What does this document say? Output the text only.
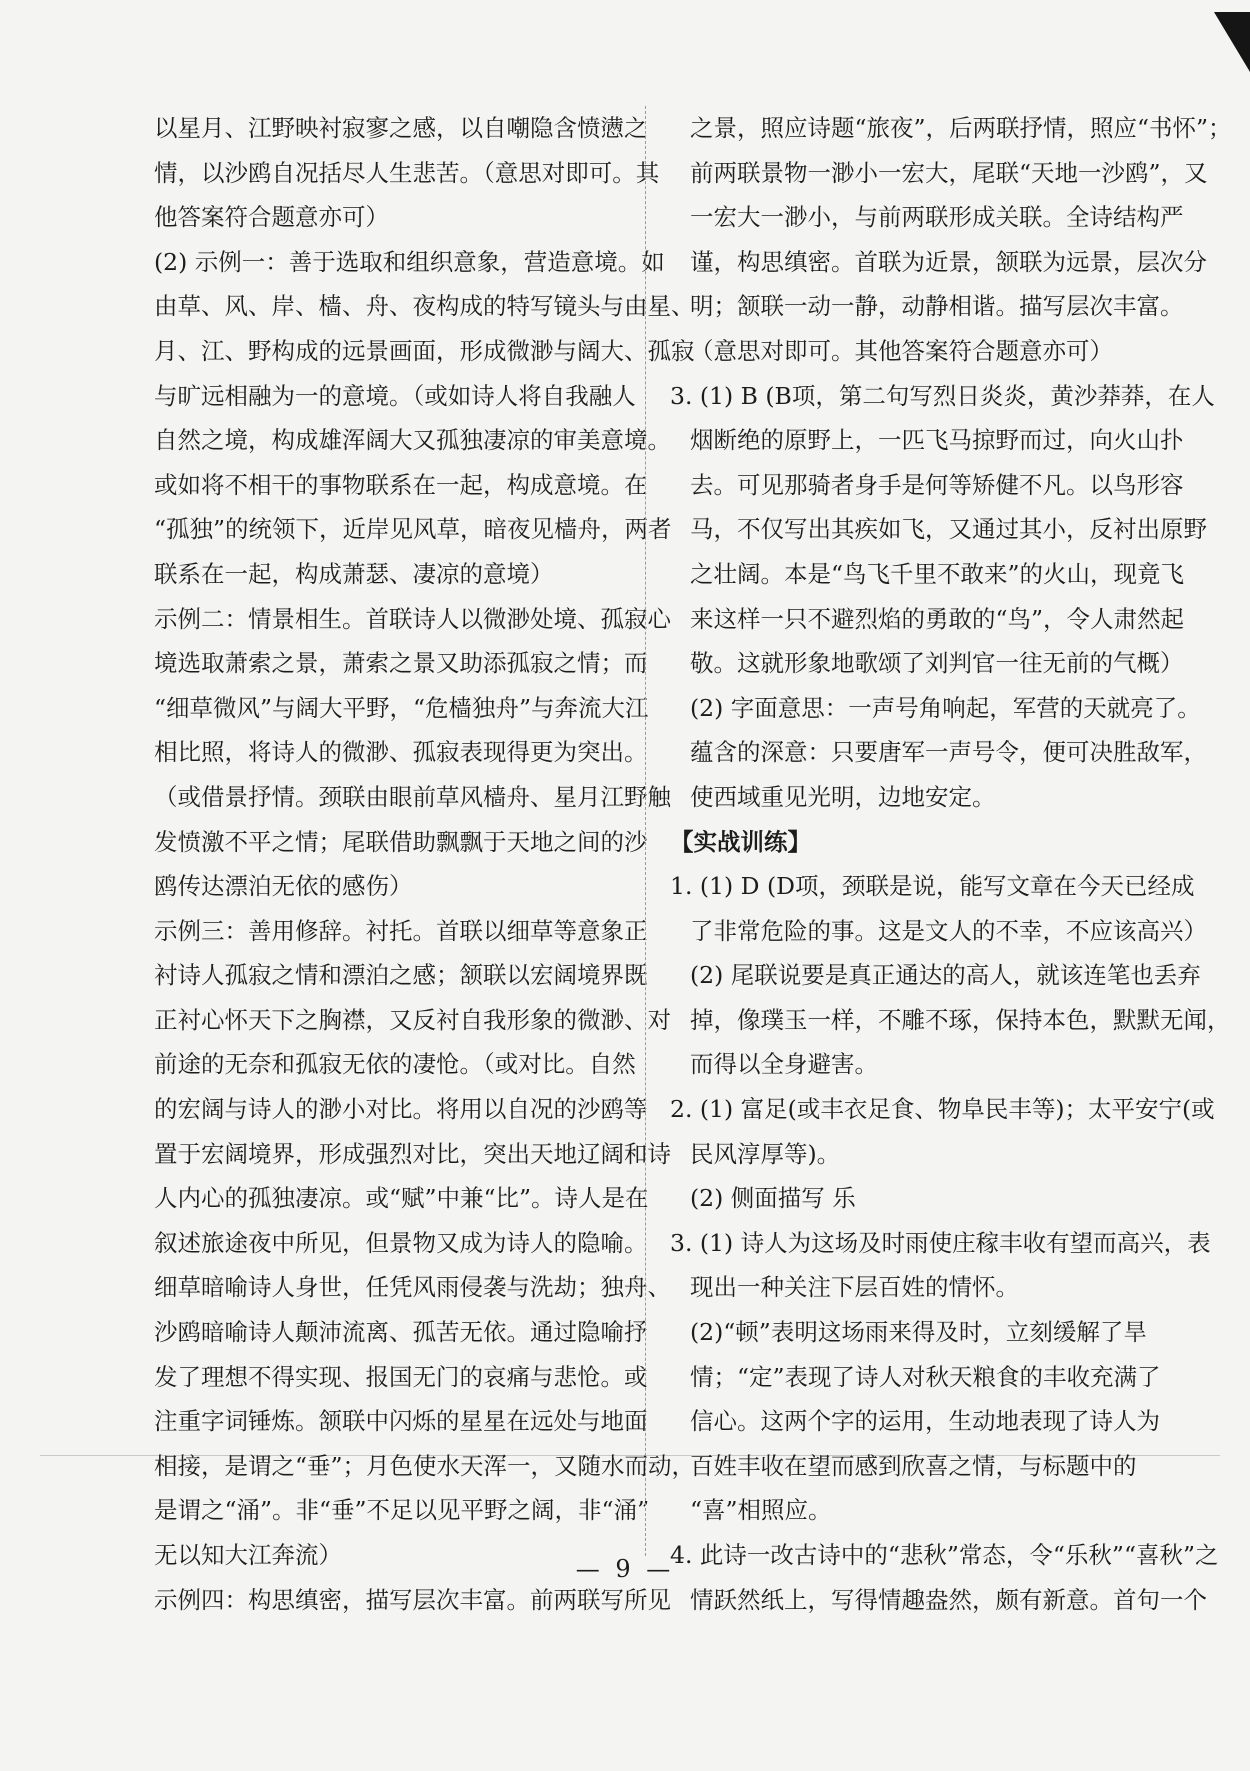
以星月、江野映衬寂寥之感，以自嘲隐含愤懑之
情，以沙鸥自况括尽人生悲苦。（意思对即可。其
他答案符合题意亦可）
(2) 示例一：善于选取和组织意象，营造意境。如
由草、风、岸、樯、舟、夜构成的特写镜头与由星、
月、江、野构成的远景画面，形成微渺与阔大、孤寂
与旷远相融为一的意境。（或如诗人将自我融人
自然之境，构成雄浑阔大又孤独凄凉的审美意境。
或如将不相干的事物联系在一起，构成意境。在
“孤独”的统领下，近岸见风草，暗夜见樯舟，两者
联系在一起，构成萧瑟、凄凉的意境）
示例二：情景相生。首联诗人以微渺处境、孤寂心
境选取萧索之景，萧索之景又助添孤寂之情；而
“细草微风”与阔大平野，“危樯独舟”与奔流大江
相比照，将诗人的微渺、孤寂表现得更为突出。
（或借景抒情。颈联由眼前草风樯舟、星月江野触
发愤激不平之情；尾联借助飘飘于天地之间的沙
鸥传达漂泊无依的感伤）
示例三：善用修辞。衬托。首联以细草等意象正
衬诗人孤寂之情和漂泊之感；颔联以宏阔境界既
正衬心怀天下之胸襟，又反衬自我形象的微渺、对
前途的无奈和孤寂无依的凄怆。（或对比。自然
的宏阔与诗人的渺小对比。将用以自况的沙鸥等
置于宏阔境界，形成强烈对比，突出天地辽阔和诗
人内心的孤独凄凉。或“赋”中兼“比”。诗人是在
叙述旅途夜中所见，但景物又成为诗人的隐喻。
细草暗喻诗人身世，任凭风雨侵袭与洗劫；独舟、
沙鸥暗喻诗人颠沛流离、孤苦无依。通过隐喻抒
发了理想不得实现、报国无门的哀痛与悲怆。或
注重字词锤炼。颔联中闪烁的星星在远处与地面
相接，是谓之“垂”；月色使水天浑一，又随水而动，
是谓之“涌”。非“垂”不足以见平野之阔，非“涌”
无以知大江奔流）
示例四：构思缜密，描写层次丰富。前两联写所见
之景，照应诗题“旅夜”，后两联抒情，照应“书怀”；
前两联景物一渺小一宏大，尾联“天地一沙鸥”，又
一宏大一渺小，与前两联形成关联。全诗结构严
谨，构思缜密。首联为近景，颔联为远景，层次分
明；颔联一动一静，动静相谐。描写层次丰富。
（意思对即可。其他答案符合题意亦可）
3. (1) B (B项，第二句写烈日炎炎，黄沙莽莽，在人
烟断绝的原野上，一匹飞马掠野而过，向火山扑
去。可见那骑者身手是何等矫健不凡。以鸟形容
马，不仅写出其疾如飞，又通过其小，反衬出原野
之壮阔。本是“鸟飞千里不敢来”的火山，现竟飞
来这样一只不避烈焰的勇敢的“鸟”，令人肃然起
敬。这就形象地歌颂了刘判官一往无前的气概）
(2) 字面意思：一声号角响起，军营的天就亮了。
蕴含的深意：只要唐军一声号令，便可决胜敌军，
使西域重见光明，边地安定。
【实战训练】
1. (1) D (D项，颈联是说，能写文章在今天已经成
了非常危险的事。这是文人的不幸，不应该高兴）
(2) 尾联说要是真正通达的高人，就该连笔也丢弃
掉，像璞玉一样，不雕不琢，保持本色，默默无闻，
而得以全身避害。
2. (1) 富足(或丰衣足食、物阜民丰等)；太平安宁(或
民风淳厚等)。
(2) 侧面描写 乐
3. (1) 诗人为这场及时雨使庄稼丰收有望而高兴，表
现出一种关注下层百姓的情怀。
(2)“顿”表明这场雨来得及时，立刻缓解了旱
情；“定”表现了诗人对秋天粮食的丰收充满了
信心。这两个字的运用，生动地表现了诗人为
百姓丰收在望而感到欣喜之情，与标题中的
“喜”相照应。
4. 此诗一改古诗中的“悲秋”常态，令“乐秋”“喜秋”之
情跃然纸上，写得情趣盎然，颇有新意。首句一个
— 9 —
